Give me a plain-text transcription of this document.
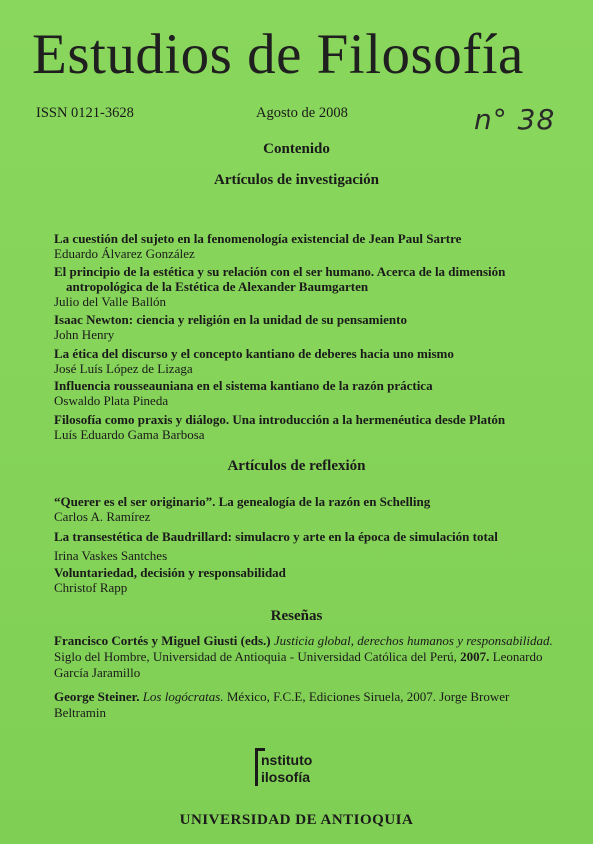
Estudios de Filosofía
ISSN 0121-3628	Agosto de 2008	n° 38
Contenido
Artículos de investigación
La cuestión del sujeto en la fenomenología existencial de Jean Paul Sartre
Eduardo Álvarez González
El principio de la estética y su relación con el ser humano. Acerca de la dimensión
antropológica de la Estética de Alexander Baumgarten
Julio del Valle Ballón
Isaac Newton: ciencia y religión en la unidad de su pensamiento
John Henry
La ética del discurso y el concepto kantiano de deberes hacia uno mismo
José Luís López de Lizaga
Influencia rousseauniana en el sistema kantiano de la razón práctica
Oswaldo Plata Pineda
Filosofía como praxis y diálogo. Una introducción a la hermenéutica desde Platón
Luís Eduardo Gama Barbosa
Artículos de reflexión
“Querer es el ser originario”. La genealogía de la razón en Schelling
Carlos A. Ramírez
La transestética de Baudrillard: simulacro y arte en la época de simulación total
Irina Vaskes Santches
Voluntariedad, decisión y responsabilidad
Christof Rapp
Reseñas
Francisco Cortés y Miguel Giusti (eds.) Justicia global, derechos humanos y responsabilidad. Siglo del Hombre, Universidad de Antioquia - Universidad Católica del Perú, 2007. Leonardo García Jaramillo
George Steiner. Los logócratas. México, F.C.E, Ediciones Siruela, 2007. Jorge Brower Beltramin
nstituto
ilosofía
UNIVERSIDAD DE ANTIOQUIA
